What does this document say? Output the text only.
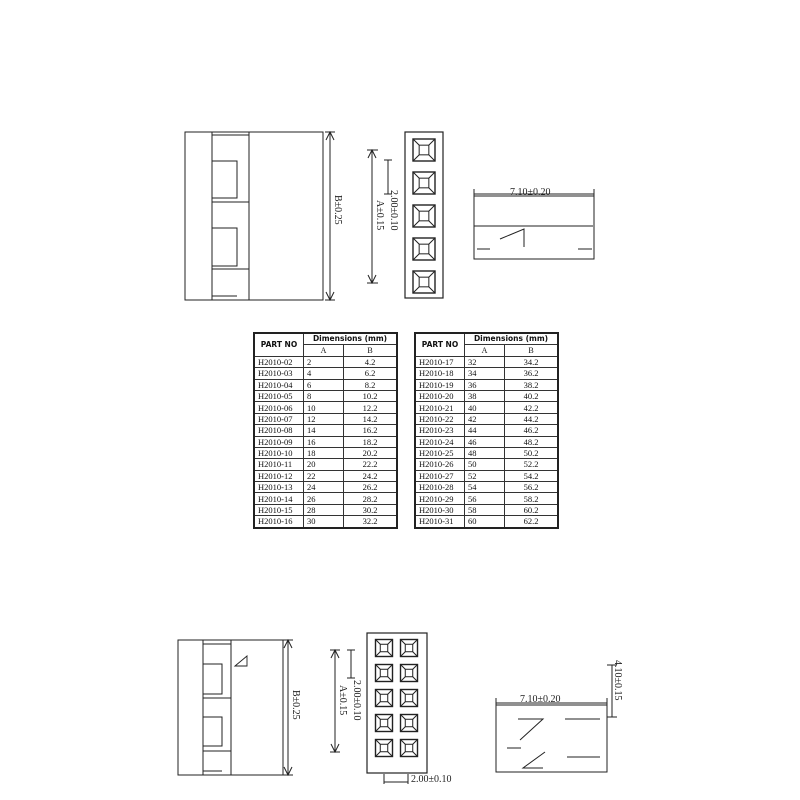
B±0.25	A±0.15 2.00±0.10	7.10±0.20
B±0.25	A±0.15 2.00±0.10
2.00±0.10
7.10±0.20	4.10±0.15
PART NO	Dimensions (mm)	
	A	B
H2010-02	2	4.2
H2010-03	4	6.2
H2010-04	6	8.2
H2010-05	8	10.2
H2010-06	10	12.2
H2010-07	12	14.2
H2010-08	14	16.2
H2010-09	16	18.2
H2010-10	18	20.2
H2010-11	20	22.2
H2010-12	22	24.2
H2010-13	24	26.2
H2010-14	26	28.2
H2010-15	28	30.2
H2010-16	30	32.2
PART NO	Dimensions (mm)	
	A	B
H2010-17	32	34.2
H2010-18	34	36.2
H2010-19	36	38.2
H2010-20	38	40.2
H2010-21	40	42.2
H2010-22	42	44.2
H2010-23	44	46.2
H2010-24	46	48.2
H2010-25	48	50.2
H2010-26	50	52.2
H2010-27	52	54.2
H2010-28	54	56.2
H2010-29	56	58.2
H2010-30	58	60.2
H2010-31	60	62.2
